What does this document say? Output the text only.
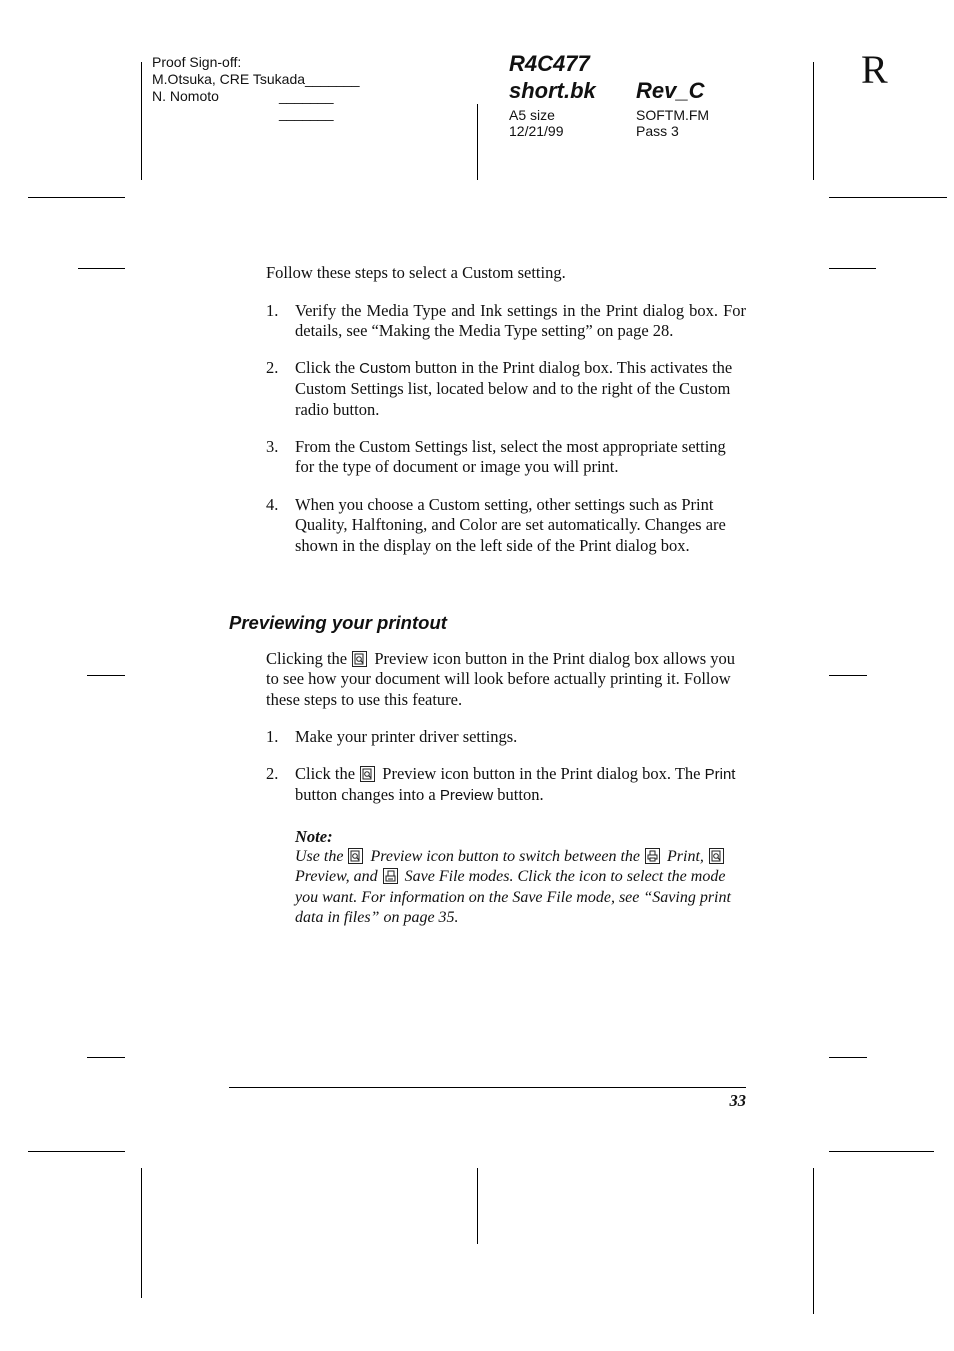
Proof Sign-off:
M.Otsuka, CRE Tsukada_______
N. Nomoto	_______
_______
R4C477
short.bk Rev_C
A5 size
12/21/99
SOFTM.FM
Pass 3
R
Follow these steps to select a Custom setting.
1. Verify the Media Type and Ink settings in the Print dialog box. For details, see “Making the Media Type setting” on page 28.
2. Click the Custom button in the Print dialog box. This activates the Custom Settings list, located below and to the right of the Custom radio button.
3. From the Custom Settings list, select the most appropriate setting for the type of document or image you will print.
4. When you choose a Custom setting, other settings such as Print Quality, Halftoning, and Color are set automatically. Changes are shown in the display on the left side of the Print dialog box.
Previewing your printout
Clicking the
Preview icon button in the Print dialog box allows you to see how your document will look before actually printing it. Follow these steps to use this feature.
1. Make your printer driver settings.
2. Click the
Preview icon button in the Print dialog box. The Print button changes into a Preview button.
Note:
Use the
Preview icon button to switch between the
Print,
Preview, and
Save File modes. Click the icon to select the mode you want. For information on the Save File mode, see “Saving print data in files” on page 35.
33
